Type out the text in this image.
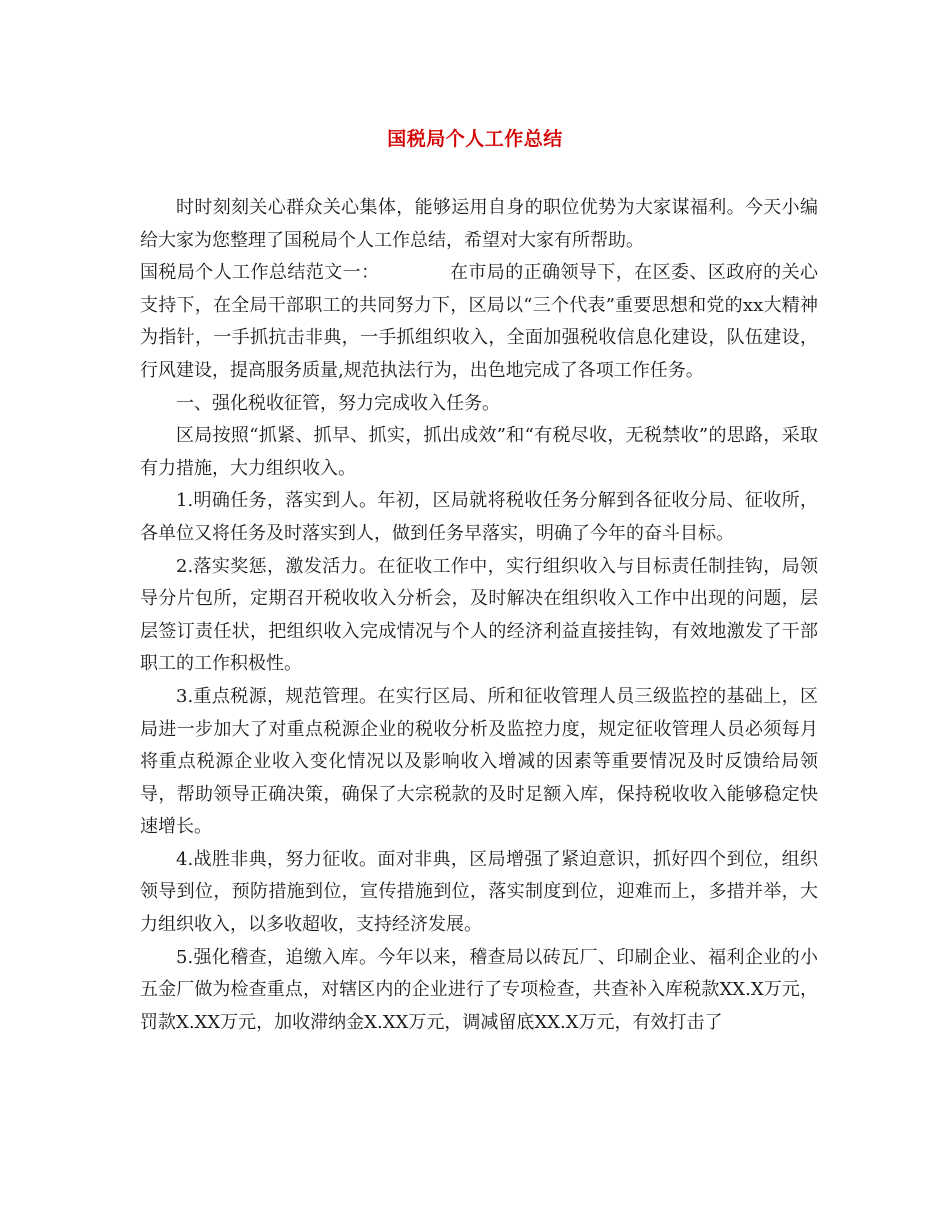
国税局个人工作总结

时时刻刻关心群众关心集体，能够运用自身的职位优势为大家谋福利。今天小编给大家为您整理了国税局个人工作总结，希望对大家有所帮助。

国税局个人工作总结范文一：	在市局的正确领导下，在区委、区政府的关心支持下，在全局干部职工的共同努力下，区局以“三个代表”重要思想和党的xx大精神为指针，一手抓抗击非典，一手抓组织收入，全面加强税收信息化建设，队伍建设，行风建设，提高服务质量,规范执法行为，出色地完成了各项工作任务。

一、强化税收征管，努力完成收入任务。

区局按照“抓紧、抓早、抓实，抓出成效”和“有税尽收，无税禁收”的思路，采取有力措施，大力组织收入。

1.明确任务，落实到人。年初，区局就将税收任务分解到各征收分局、征收所，各单位又将任务及时落实到人，做到任务早落实，明确了今年的奋斗目标。

2.落实奖惩，激发活力。在征收工作中，实行组织收入与目标责任制挂钩，局领导分片包所，定期召开税收收入分析会，及时解决在组织收入工作中出现的问题，层层签订责任状，把组织收入完成情况与个人的经济利益直接挂钩，有效地激发了干部职工的工作积极性。

3.重点税源，规范管理。在实行区局、所和征收管理人员三级监控的基础上，区局进一步加大了对重点税源企业的税收分析及监控力度，规定征收管理人员必须每月将重点税源企业收入变化情况以及影响收入增减的因素等重要情况及时反馈给局领导，帮助领导正确决策，确保了大宗税款的及时足额入库，保持税收收入能够稳定快速增长。

4.战胜非典，努力征收。面对非典，区局增强了紧迫意识，抓好四个到位，组织领导到位，预防措施到位，宣传措施到位，落实制度到位，迎难而上，多措并举，大力组织收入，以多收超收，支持经济发展。

5.强化稽查，追缴入库。今年以来，稽查局以砖瓦厂、印刷企业、福利企业的小五金厂做为检查重点，对辖区内的企业进行了专项检查，共查补入库税款XX.X万元，罚款X.XX万元，加收滞纳金X.XX万元，调减留底XX.X万元，有效打击了
